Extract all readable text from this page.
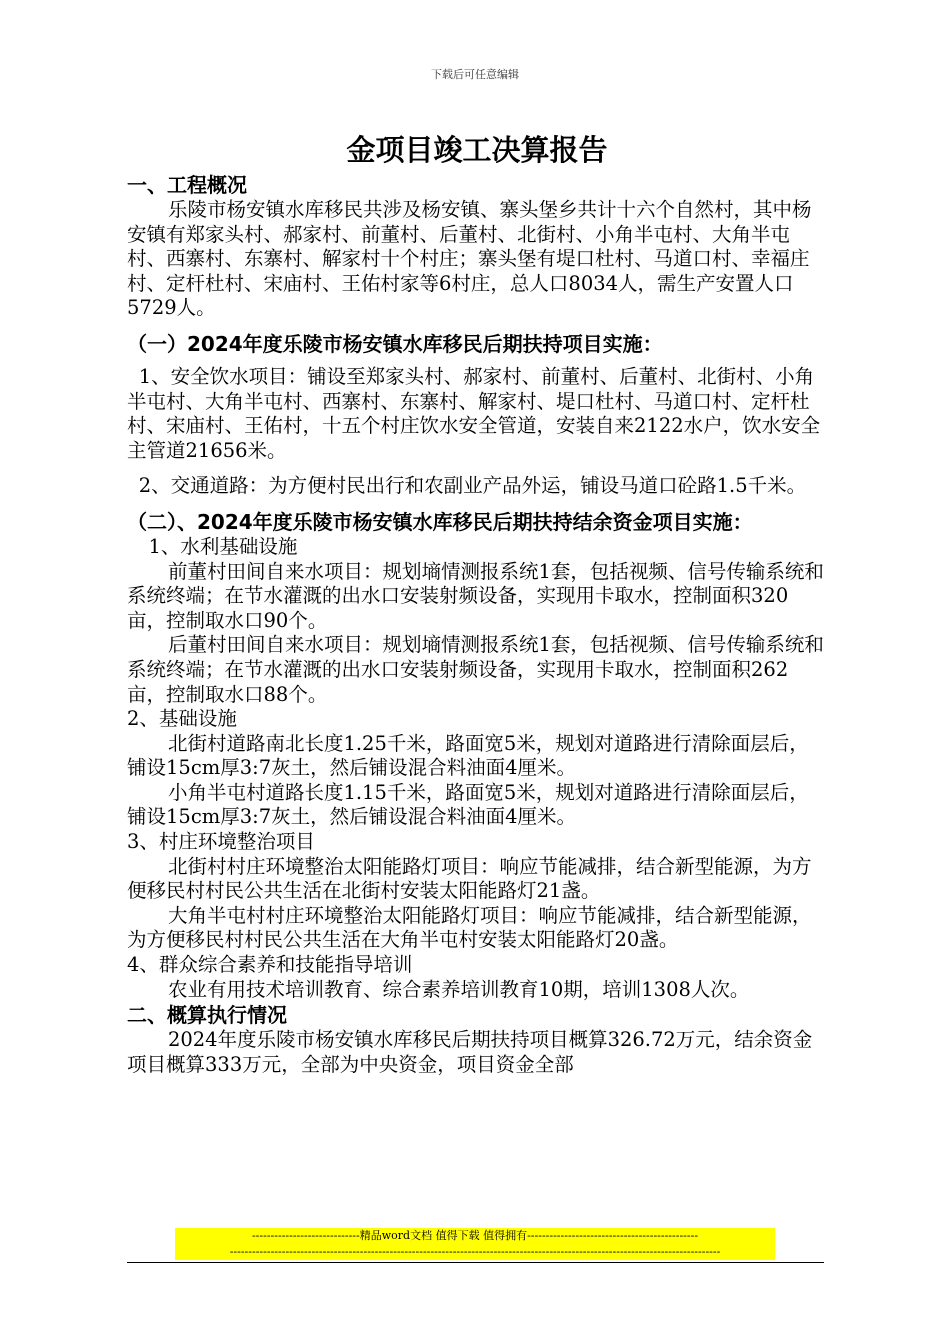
下载后可任意编辑
金项目竣工决算报告
一、工程概况

乐陵市杨安镇水库移民共涉及杨安镇、寨头堡乡共计十六个自然村，其中杨安镇有郑家头村、郝家村、前董村、后董村、北街村、小角半屯村、大角半屯村、西寨村、东寨村、解家村十个村庄；寨头堡有堤口杜村、马道口村、幸福庄村、定杆杜村、宋庙村、王佑村家等6村庄，总人口8034人，需生产安置人口5729人。

（一）2024年度乐陵市杨安镇水库移民后期扶持项目实施：

1、安全饮水项目：铺设至郑家头村、郝家村、前董村、后董村、北街村、小角半屯村、大角半屯村、西寨村、东寨村、解家村、堤口杜村、马道口村、定杆杜村、宋庙村、王佑村，十五个村庄饮水安全管道，安装自来2122水户，饮水安全主管道21656米。

2、交通道路：为方便村民出行和农副业产品外运，铺设马道口砼路1.5千米。

（二）、2024年度乐陵市杨安镇水库移民后期扶持结余资金项目实施：

1、水利基础设施

前董村田间自来水项目：规划墒情测报系统1套，包括视频、信号传输系统和系统终端；在节水灌溉的出水口安装射频设备，实现用卡取水，控制面积320亩，控制取水口90个。

后董村田间自来水项目：规划墒情测报系统1套，包括视频、信号传输系统和系统终端；在节水灌溉的出水口安装射频设备，实现用卡取水，控制面积262亩，控制取水口88个。

2、基础设施

北街村道路南北长度1.25千米，路面宽5米，规划对道路进行清除面层后，铺设15cm厚3:7灰土，然后铺设混合料油面4厘米。

小角半屯村道路长度1.15千米，路面宽5米，规划对道路进行清除面层后，铺设15cm厚3:7灰土，然后铺设混合料油面4厘米。

3、村庄环境整治项目

北街村村庄环境整治太阳能路灯项目：响应节能减排，结合新型能源，为方便移民村村民公共生活在北街村安装太阳能路灯21盏。

大角半屯村村庄环境整治太阳能路灯项目：响应节能减排，结合新型能源，为方便移民村村民公共生活在大角半屯村安装太阳能路灯20盏。

4、群众综合素养和技能指导培训

农业有用技术培训教育、综合素养培训教育10期，培训1308人次。

二、概算执行情况

2024年度乐陵市杨安镇水库移民后期扶持项目概算326.72万元，结余资金项目概算333万元，全部为中央资金，项目资金全部

-----------------------------精品word文档 值得下载 值得拥有----------------------------------------------
------------------------------------------------------------------------------------------------------------------------------------
